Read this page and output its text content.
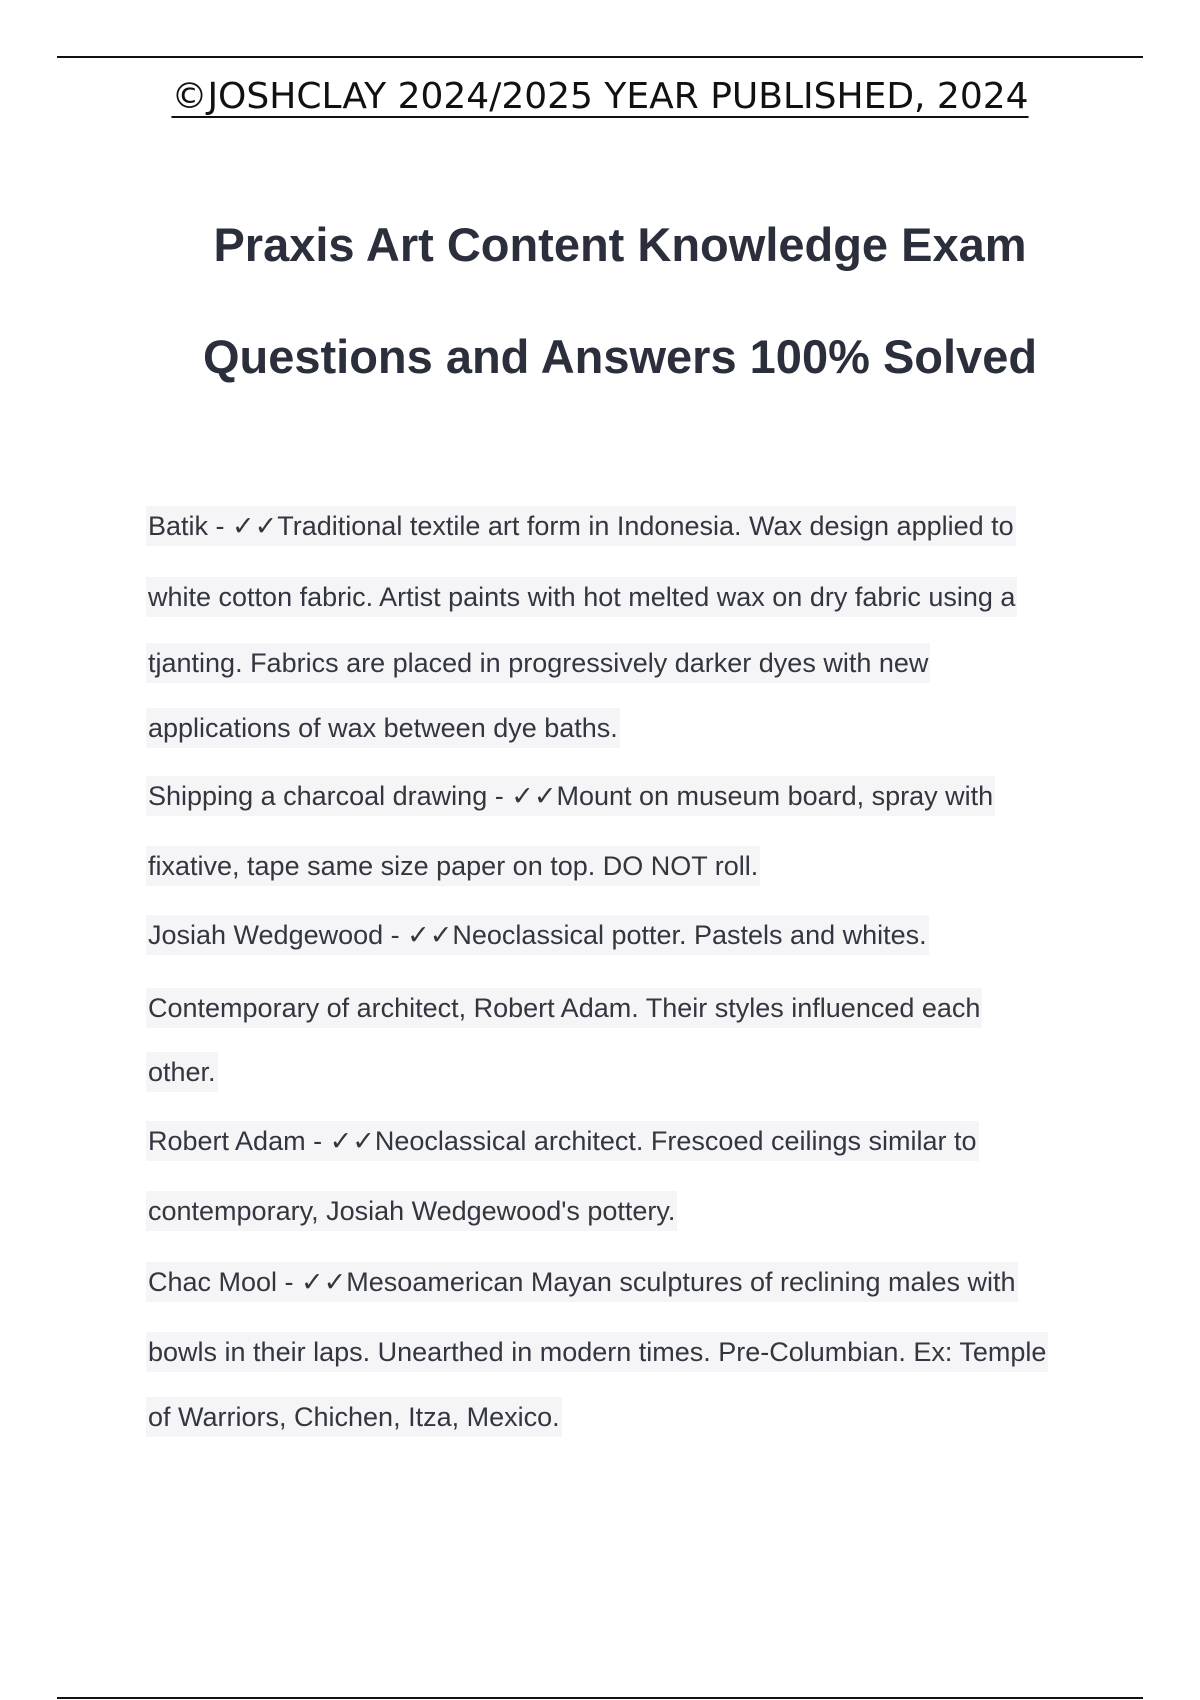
©JOSHCLAY 2024/2025 YEAR PUBLISHED, 2024
Praxis Art Content Knowledge Exam
Questions and Answers 100% Solved
Batik - ✓✓Traditional textile art form in Indonesia. Wax design applied to
white cotton fabric. Artist paints with hot melted wax on dry fabric using a
tjanting. Fabrics are placed in progressively darker dyes with new
applications of wax between dye baths.
Shipping a charcoal drawing - ✓✓Mount on museum board, spray with
fixative, tape same size paper on top. DO NOT roll.
Josiah Wedgewood - ✓✓Neoclassical potter. Pastels and whites.
Contemporary of architect, Robert Adam. Their styles influenced each
other.
Robert Adam - ✓✓Neoclassical architect. Frescoed ceilings similar to
contemporary, Josiah Wedgewood's pottery.
Chac Mool - ✓✓Mesoamerican Mayan sculptures of reclining males with
bowls in their laps. Unearthed in modern times. Pre-Columbian. Ex: Temple
of Warriors, Chichen, Itza, Mexico.
